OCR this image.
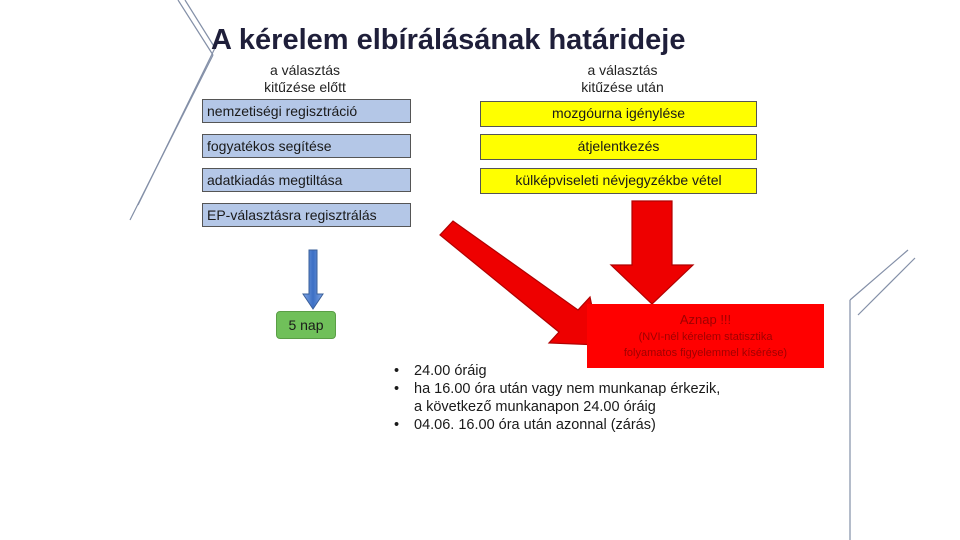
A kérelem elbírálásának határideje
a választás
kitűzése előtt
a választás
kitűzése után
nemzetiségi regisztráció
fogyatékos segítése
adatkiadás megtiltása
EP-választásra regisztrálás
mozgóurna igénylése
átjelentkezés
külképviseleti névjegyzékbe vétel
5 nap	Aznap !!!
(NVI-nél kérelem statisztika
folyamatos figyelemmel kísérése)
• 24.00 óráig
• ha 16.00 óra után vagy nem munkanap érkezik,
a következő munkanapon 24.00 óráig
• 04.06. 16.00 óra után azonnal (zárás)
